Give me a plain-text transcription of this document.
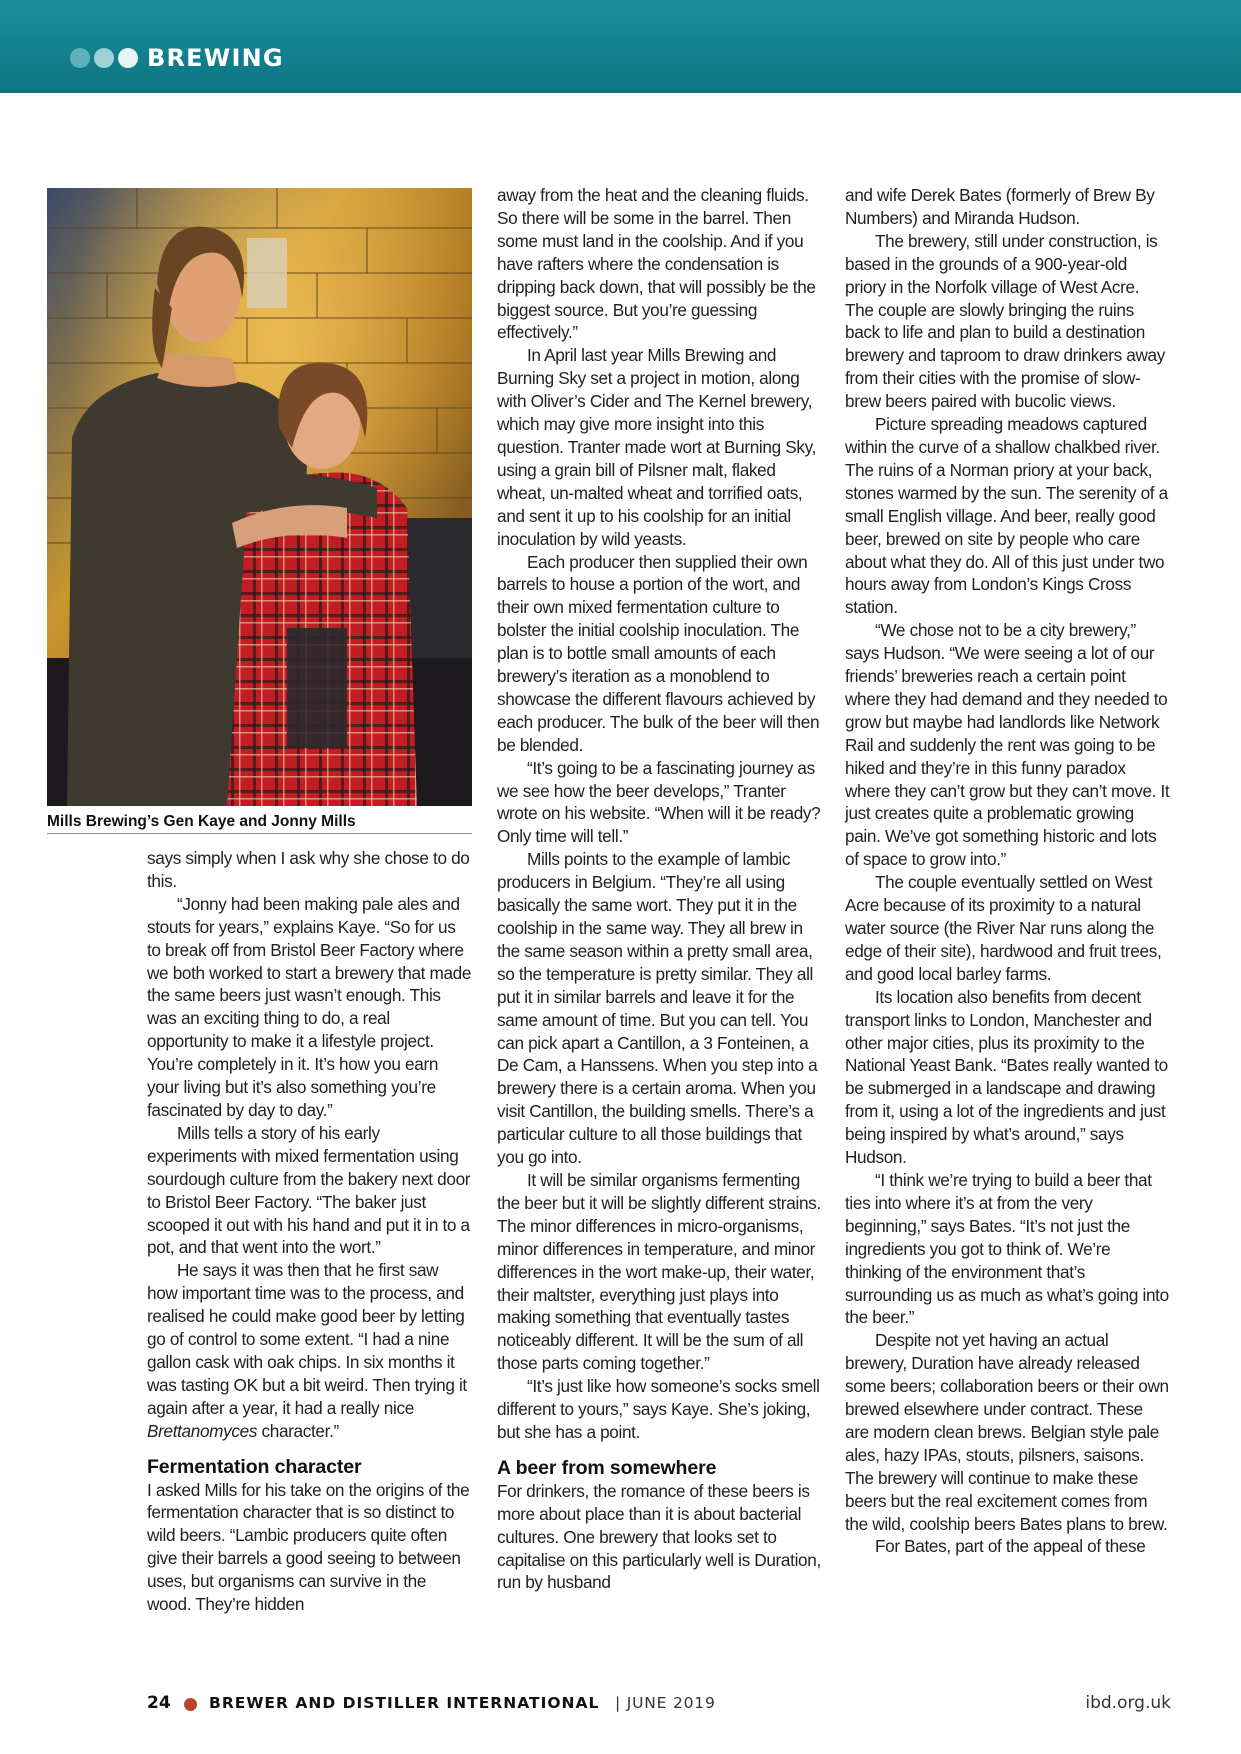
BREWING
Mills Brewing’s Gen Kaye and Jonny Mills

says simply when I ask why she chose to do this.

“Jonny had been making pale ales and stouts for years,” explains Kaye. “So for us to break off from Bristol Beer Factory where we both worked to start a brewery that made the same beers just wasn’t enough. This was an exciting thing to do, a real opportunity to make it a lifestyle project. You’re completely in it. It’s how you earn your living but it’s also something you’re fascinated by day to day.”

Mills tells a story of his early experiments with mixed fermentation using sourdough culture from the bakery next door to Bristol Beer Factory. “The baker just scooped it out with his hand and put it in to a pot, and that went into the wort.”

He says it was then that he first saw how important time was to the process, and realised he could make good beer by letting go of control to some extent. “I had a nine gallon cask with oak chips. In six months it was tasting OK but a bit weird. Then trying it again after a year, it had a really nice Brettanomyces character.”

Fermentation character

I asked Mills for his take on the origins of the fermentation character that is so distinct to wild beers. “Lambic producers quite often give their barrels a good seeing to between uses, but organisms can survive in the wood. They’re hidden

away from the heat and the cleaning fluids. So there will be some in the barrel. Then some must land in the coolship. And if you have rafters where the condensation is dripping back down, that will possibly be the biggest source. But you’re guessing effectively.”

In April last year Mills Brewing and Burning Sky set a project in motion, along with Oliver’s Cider and The Kernel brewery, which may give more insight into this question. Tranter made wort at Burning Sky, using a grain bill of Pilsner malt, flaked wheat, un-malted wheat and torrified oats, and sent it up to his coolship for an initial inoculation by wild yeasts.

Each producer then supplied their own barrels to house a portion of the wort, and their own mixed fermentation culture to bolster the initial coolship inoculation. The plan is to bottle small amounts of each brewery’s iteration as a monoblend to showcase the different flavours achieved by each producer. The bulk of the beer will then be blended.

“It’s going to be a fascinating journey as we see how the beer develops,” Tranter wrote on his website. “When will it be ready? Only time will tell.”

Mills points to the example of lambic producers in Belgium. “They’re all using basically the same wort. They put it in the coolship in the same way. They all brew in the same season within a pretty small area, so the temperature is pretty similar. They all put it in similar barrels and leave it for the same amount of time. But you can tell. You can pick apart a Cantillon, a 3 Fonteinen, a De Cam, a Hanssens. When you step into a brewery there is a certain aroma. When you visit Cantillon, the building smells. There’s a particular culture to all those buildings that you go into.

It will be similar organisms fermenting the beer but it will be slightly different strains. The minor differences in micro-organisms, minor differences in temperature, and minor differences in the wort make-up, their water, their maltster, everything just plays into making something that eventually tastes noticeably different. It will be the sum of all those parts coming together.”

“It’s just like how someone’s socks smell different to yours,” says Kaye. She’s joking, but she has a point.

A beer from somewhere

For drinkers, the romance of these beers is more about place than it is about bacterial cultures. One brewery that looks set to capitalise on this particularly well is Duration, run by husband

and wife Derek Bates (formerly of Brew By Numbers) and Miranda Hudson.

The brewery, still under construction, is based in the grounds of a 900-year-old priory in the Norfolk village of West Acre. The couple are slowly bringing the ruins back to life and plan to build a destination brewery and taproom to draw drinkers away from their cities with the promise of slow-brew beers paired with bucolic views.

Picture spreading meadows captured within the curve of a shallow chalkbed river. The ruins of a Norman priory at your back, stones warmed by the sun. The serenity of a small English village. And beer, really good beer, brewed on site by people who care about what they do. All of this just under two hours away from London’s Kings Cross station.

“We chose not to be a city brewery,” says Hudson. “We were seeing a lot of our friends’ breweries reach a certain point where they had demand and they needed to grow but maybe had landlords like Network Rail and suddenly the rent was going to be hiked and they’re in this funny paradox where they can’t grow but they can’t move. It just creates quite a problematic growing pain. We’ve got something historic and lots of space to grow into.”

The couple eventually settled on West Acre because of its proximity to a natural water source (the River Nar runs along the edge of their site), hardwood and fruit trees, and good local barley farms.

Its location also benefits from decent transport links to London, Manchester and other major cities, plus its proximity to the National Yeast Bank. “Bates really wanted to be submerged in a landscape and drawing from it, using a lot of the ingredients and just being inspired by what’s around,” says Hudson.

“I think we’re trying to build a beer that ties into where it’s at from the very beginning,” says Bates. “It’s not just the ingredients you got to think of. We’re thinking of the environment that’s surrounding us as much as what’s going into the beer.”

Despite not yet having an actual brewery, Duration have already released some beers; collaboration beers or their own brewed elsewhere under contract. These are modern clean brews. Belgian style pale ales, hazy IPAs, stouts, pilsners, saisons. The brewery will continue to make these beers but the real excitement comes from the wild, coolship beers Bates plans to brew.

For Bates, part of the appeal of these

24 BREWER AND DISTILLER INTERNATIONAL | JUNE 2019	ibd.org.uk
